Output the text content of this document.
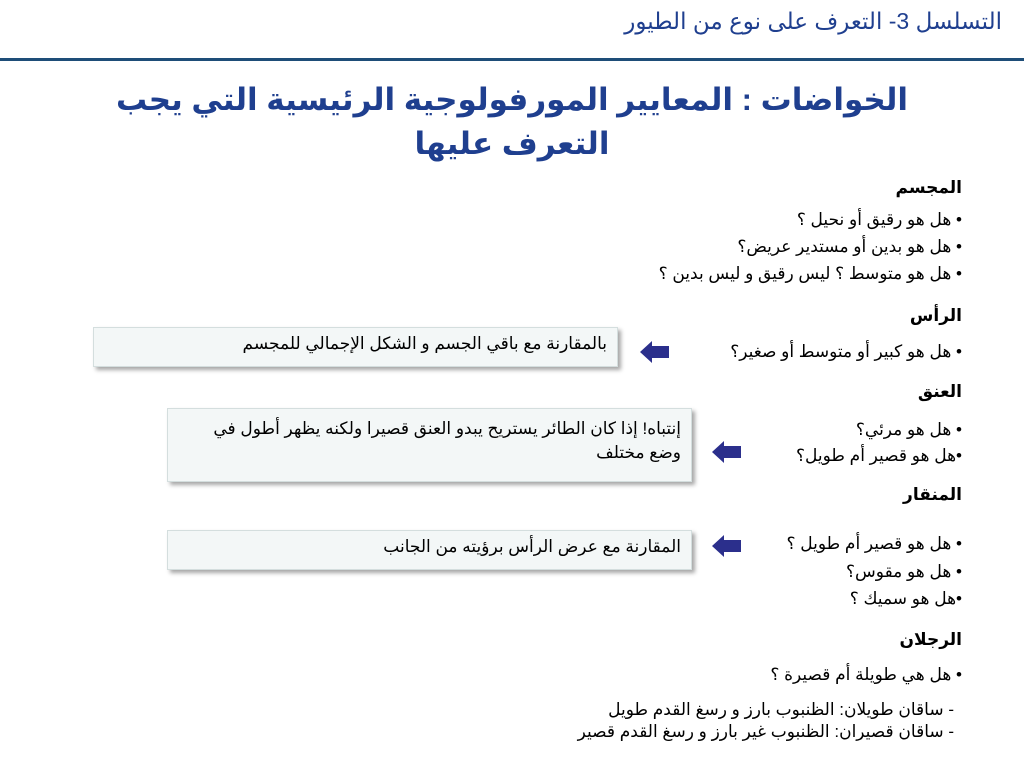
التسلسل 3- التعرف على نوع من الطيور
الخواضات : المعايير المورفولوجية الرئيسية التي يجب
التعرف عليها
المجسم
• هل هو رقيق أو نحيل ؟
• هل هو بدين أو مستدير عريض؟
• هل هو متوسط ؟ ليس رقيق و ليس بدين ؟
الرأس
• هل هو كبير أو متوسط أو صغير؟
بالمقارنة مع باقي الجسم و الشكل الإجمالي للمجسم
العنق
• هل هو مرئي؟
•هل هو قصير أم طويل؟
إنتباه! إذا كان الطائر يستريح يبدو العنق قصيرا ولكنه يظهر أطول في وضع مختلف
المنقار
• هل هو قصير أم طويل ؟
• هل هو مقوس؟
•هل هو سميك ؟
المقارنة مع عرض الرأس برؤيته من الجانب
الرجلان
• هل هي طويلة أم قصيرة ؟
- ساقان طويلان: الظنبوب بارز و رسغ القدم طويل
- ساقان قصيران: الظنبوب غير بارز و رسغ القدم قصير
